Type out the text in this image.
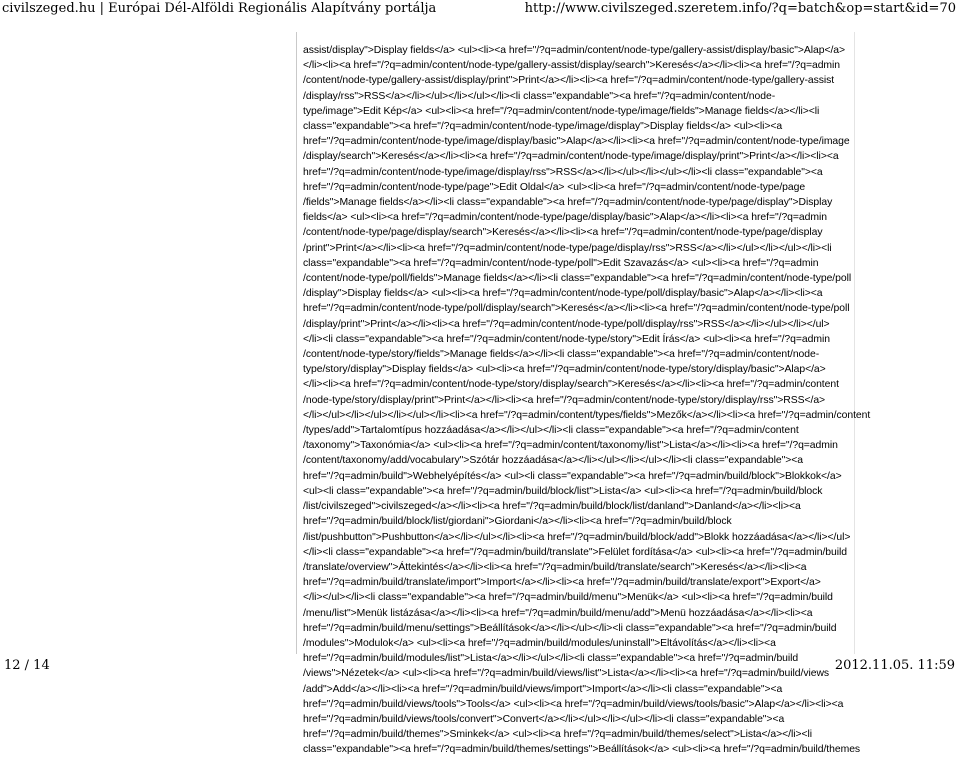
civilszeged.hu | Európai Dél-Alföldi Regionális Alapítvány portálja	http://www.civilszeged.szeretem.info/?q=batch&op=start&id=70
assist/display">Display fields</a> <ul><li><a href="/?q=admin/content/node-type/gallery-assist/display/basic">Alap</a>
</li><li><a href="/?q=admin/content/node-type/gallery-assist/display/search">Keresés</a></li><li><a href="/?q=admin
/content/node-type/gallery-assist/display/print">Print</a></li><li><a href="/?q=admin/content/node-type/gallery-assist
/display/rss">RSS</a></li></ul></li></ul></li><li class="expandable"><a href="/?q=admin/content/node-
type/image">Edit Kép</a> <ul><li><a href="/?q=admin/content/node-type/image/fields">Manage fields</a></li><li
class="expandable"><a href="/?q=admin/content/node-type/image/display">Display fields</a> <ul><li><a
href="/?q=admin/content/node-type/image/display/basic">Alap</a></li><li><a href="/?q=admin/content/node-type/image
/display/search">Keresés</a></li><li><a href="/?q=admin/content/node-type/image/display/print">Print</a></li><li><a
href="/?q=admin/content/node-type/image/display/rss">RSS</a></li></ul></li></ul></li><li class="expandable"><a
href="/?q=admin/content/node-type/page">Edit Oldal</a> <ul><li><a href="/?q=admin/content/node-type/page
/fields">Manage fields</a></li><li class="expandable"><a href="/?q=admin/content/node-type/page/display">Display
fields</a> <ul><li><a href="/?q=admin/content/node-type/page/display/basic">Alap</a></li><li><a href="/?q=admin
/content/node-type/page/display/search">Keresés</a></li><li><a href="/?q=admin/content/node-type/page/display
/print">Print</a></li><li><a href="/?q=admin/content/node-type/page/display/rss">RSS</a></li></ul></li></ul></li><li
class="expandable"><a href="/?q=admin/content/node-type/poll">Edit Szavazás</a> <ul><li><a href="/?q=admin
/content/node-type/poll/fields">Manage fields</a></li><li class="expandable"><a href="/?q=admin/content/node-type/poll
/display">Display fields</a> <ul><li><a href="/?q=admin/content/node-type/poll/display/basic">Alap</a></li><li><a
href="/?q=admin/content/node-type/poll/display/search">Keresés</a></li><li><a href="/?q=admin/content/node-type/poll
/display/print">Print</a></li><li><a href="/?q=admin/content/node-type/poll/display/rss">RSS</a></li></ul></li></ul>
</li><li class="expandable"><a href="/?q=admin/content/node-type/story">Edit Írás</a> <ul><li><a href="/?q=admin
/content/node-type/story/fields">Manage fields</a></li><li class="expandable"><a href="/?q=admin/content/node-
type/story/display">Display fields</a> <ul><li><a href="/?q=admin/content/node-type/story/display/basic">Alap</a>
</li><li><a href="/?q=admin/content/node-type/story/display/search">Keresés</a></li><li><a href="/?q=admin/content
/node-type/story/display/print">Print</a></li><li><a href="/?q=admin/content/node-type/story/display/rss">RSS</a>
</li></ul></li></ul></li></ul></li><li><a href="/?q=admin/content/types/fields">Mezők</a></li><li><a href="/?q=admin/content
/types/add">Tartalomtípus hozzáadása</a></li></ul></li><li class="expandable"><a href="/?q=admin/content
/taxonomy">Taxonómia</a> <ul><li><a href="/?q=admin/content/taxonomy/list">Lista</a></li><li><a href="/?q=admin
/content/taxonomy/add/vocabulary">Szótár hozzáadása</a></li></ul></li></ul></li><li class="expandable"><a
href="/?q=admin/build">Webhelyépítés</a> <ul><li class="expandable"><a href="/?q=admin/build/block">Blokkok</a>
<ul><li class="expandable"><a href="/?q=admin/build/block/list">Lista</a> <ul><li><a href="/?q=admin/build/block
/list/civilszeged">civilszeged</a></li><li><a href="/?q=admin/build/block/list/danland">Danland</a></li><li><a
href="/?q=admin/build/block/list/giordani">Giordani</a></li><li><a href="/?q=admin/build/block
/list/pushbutton">Pushbutton</a></li></ul></li><li><a href="/?q=admin/build/block/add">Blokk hozzáadása</a></li></ul>
</li><li class="expandable"><a href="/?q=admin/build/translate">Felület fordítása</a> <ul><li><a href="/?q=admin/build
/translate/overview">Áttekintés</a></li><li><a href="/?q=admin/build/translate/search">Keresés</a></li><li><a
href="/?q=admin/build/translate/import">Import</a></li><li><a href="/?q=admin/build/translate/export">Export</a>
</li></ul></li><li class="expandable"><a href="/?q=admin/build/menu">Menük</a> <ul><li><a href="/?q=admin/build
/menu/list">Menük listázása</a></li><li><a href="/?q=admin/build/menu/add">Menü hozzáadása</a></li><li><a
href="/?q=admin/build/menu/settings">Beállítások</a></li></ul></li><li class="expandable"><a href="/?q=admin/build
/modules">Modulok</a> <ul><li><a href="/?q=admin/build/modules/uninstall">Eltávolítás</a></li><li><a
href="/?q=admin/build/modules/list">Lista</a></li></ul></li><li class="expandable"><a href="/?q=admin/build
/views">Nézetek</a> <ul><li><a href="/?q=admin/build/views/list">Lista</a></li><li><a href="/?q=admin/build/views
/add">Add</a></li><li><a href="/?q=admin/build/views/import">Import</a></li><li class="expandable"><a
href="/?q=admin/build/views/tools">Tools</a> <ul><li><a href="/?q=admin/build/views/tools/basic">Alap</a></li><li><a
href="/?q=admin/build/views/tools/convert">Convert</a></li></ul></li></ul></li><li class="expandable"><a
href="/?q=admin/build/themes">Sminkek</a> <ul><li><a href="/?q=admin/build/themes/select">Lista</a></li><li
class="expandable"><a href="/?q=admin/build/themes/settings">Beállítások</a> <ul><li><a href="/?q=admin/build/themes
12 / 14	2012.11.05. 11:59
